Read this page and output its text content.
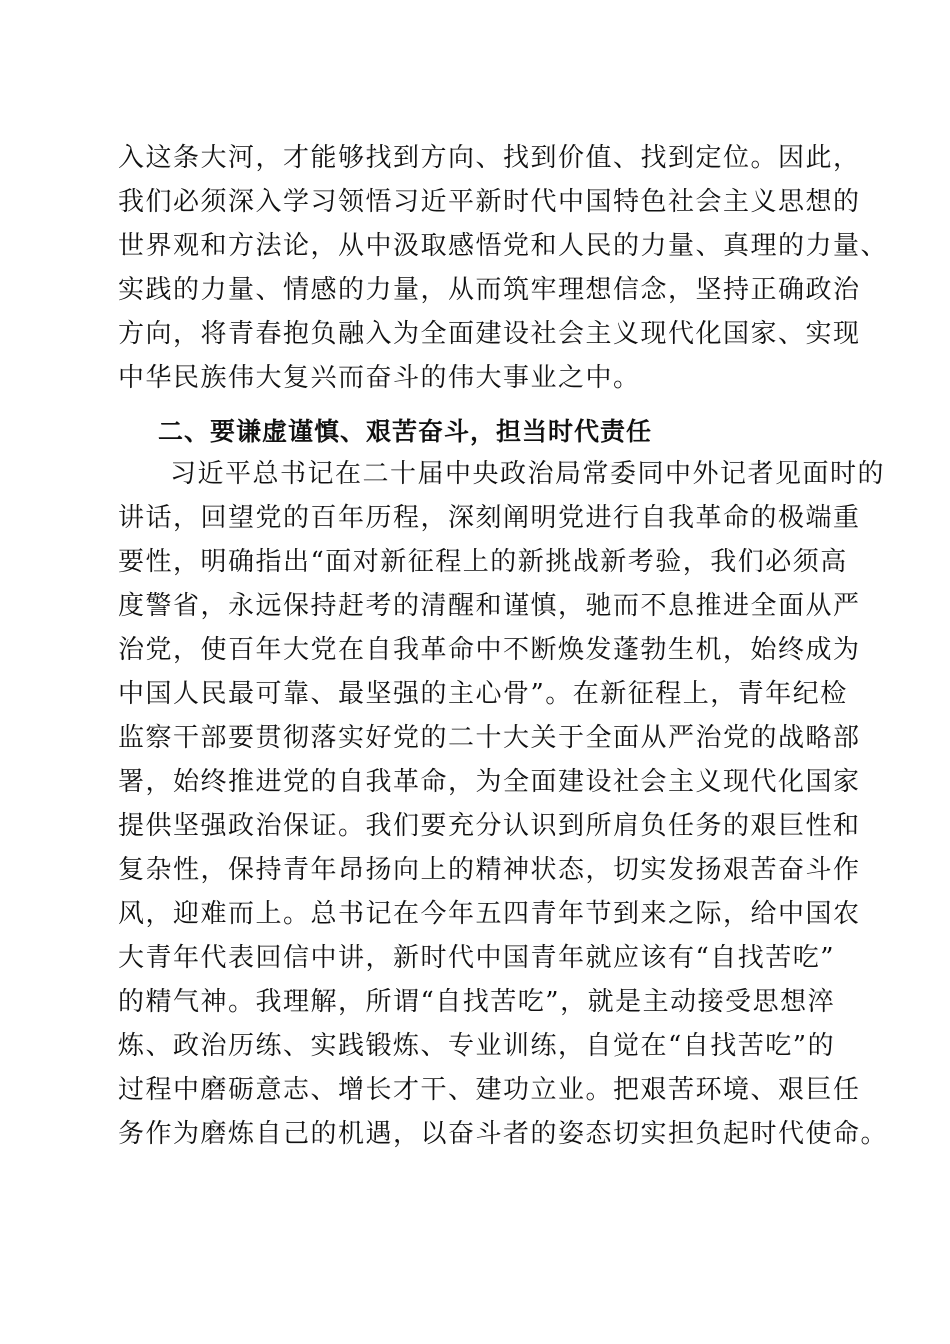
入这条大河，才能够找到方向、找到价值、找到定位。因此，
我们必须深入学习领悟习近平新时代中国特色社会主义思想的
世界观和方法论，从中汲取感悟党和人民的力量、真理的力量、
实践的力量、情感的力量，从而筑牢理想信念，坚持正确政治
方向，将青春抱负融入为全面建设社会主义现代化国家、实现
中华民族伟大复兴而奋斗的伟大事业之中。
二、要谦虚谨慎、艰苦奋斗，担当时代责任
习近平总书记在二十届中央政治局常委同中外记者见面时的
讲话，回望党的百年历程，深刻阐明党进行自我革命的极端重
要性，明确指出“面对新征程上的新挑战新考验，我们必须高
度警省，永远保持赶考的清醒和谨慎，驰而不息推进全面从严
治党，使百年大党在自我革命中不断焕发蓬勃生机，始终成为
中国人民最可靠、最坚强的主心骨”。在新征程上，青年纪检
监察干部要贯彻落实好党的二十大关于全面从严治党的战略部
署，始终推进党的自我革命，为全面建设社会主义现代化国家
提供坚强政治保证。我们要充分认识到所肩负任务的艰巨性和
复杂性，保持青年昂扬向上的精神状态，切实发扬艰苦奋斗作
风，迎难而上。总书记在今年五四青年节到来之际，给中国农
大青年代表回信中讲，新时代中国青年就应该有“自找苦吃”
的精气神。我理解，所谓“自找苦吃”，就是主动接受思想淬
炼、政治历练、实践锻炼、专业训练，自觉在“自找苦吃”的
过程中磨砺意志、增长才干、建功立业。把艰苦环境、艰巨任
务作为磨炼自己的机遇，以奋斗者的姿态切实担负起时代使命。
